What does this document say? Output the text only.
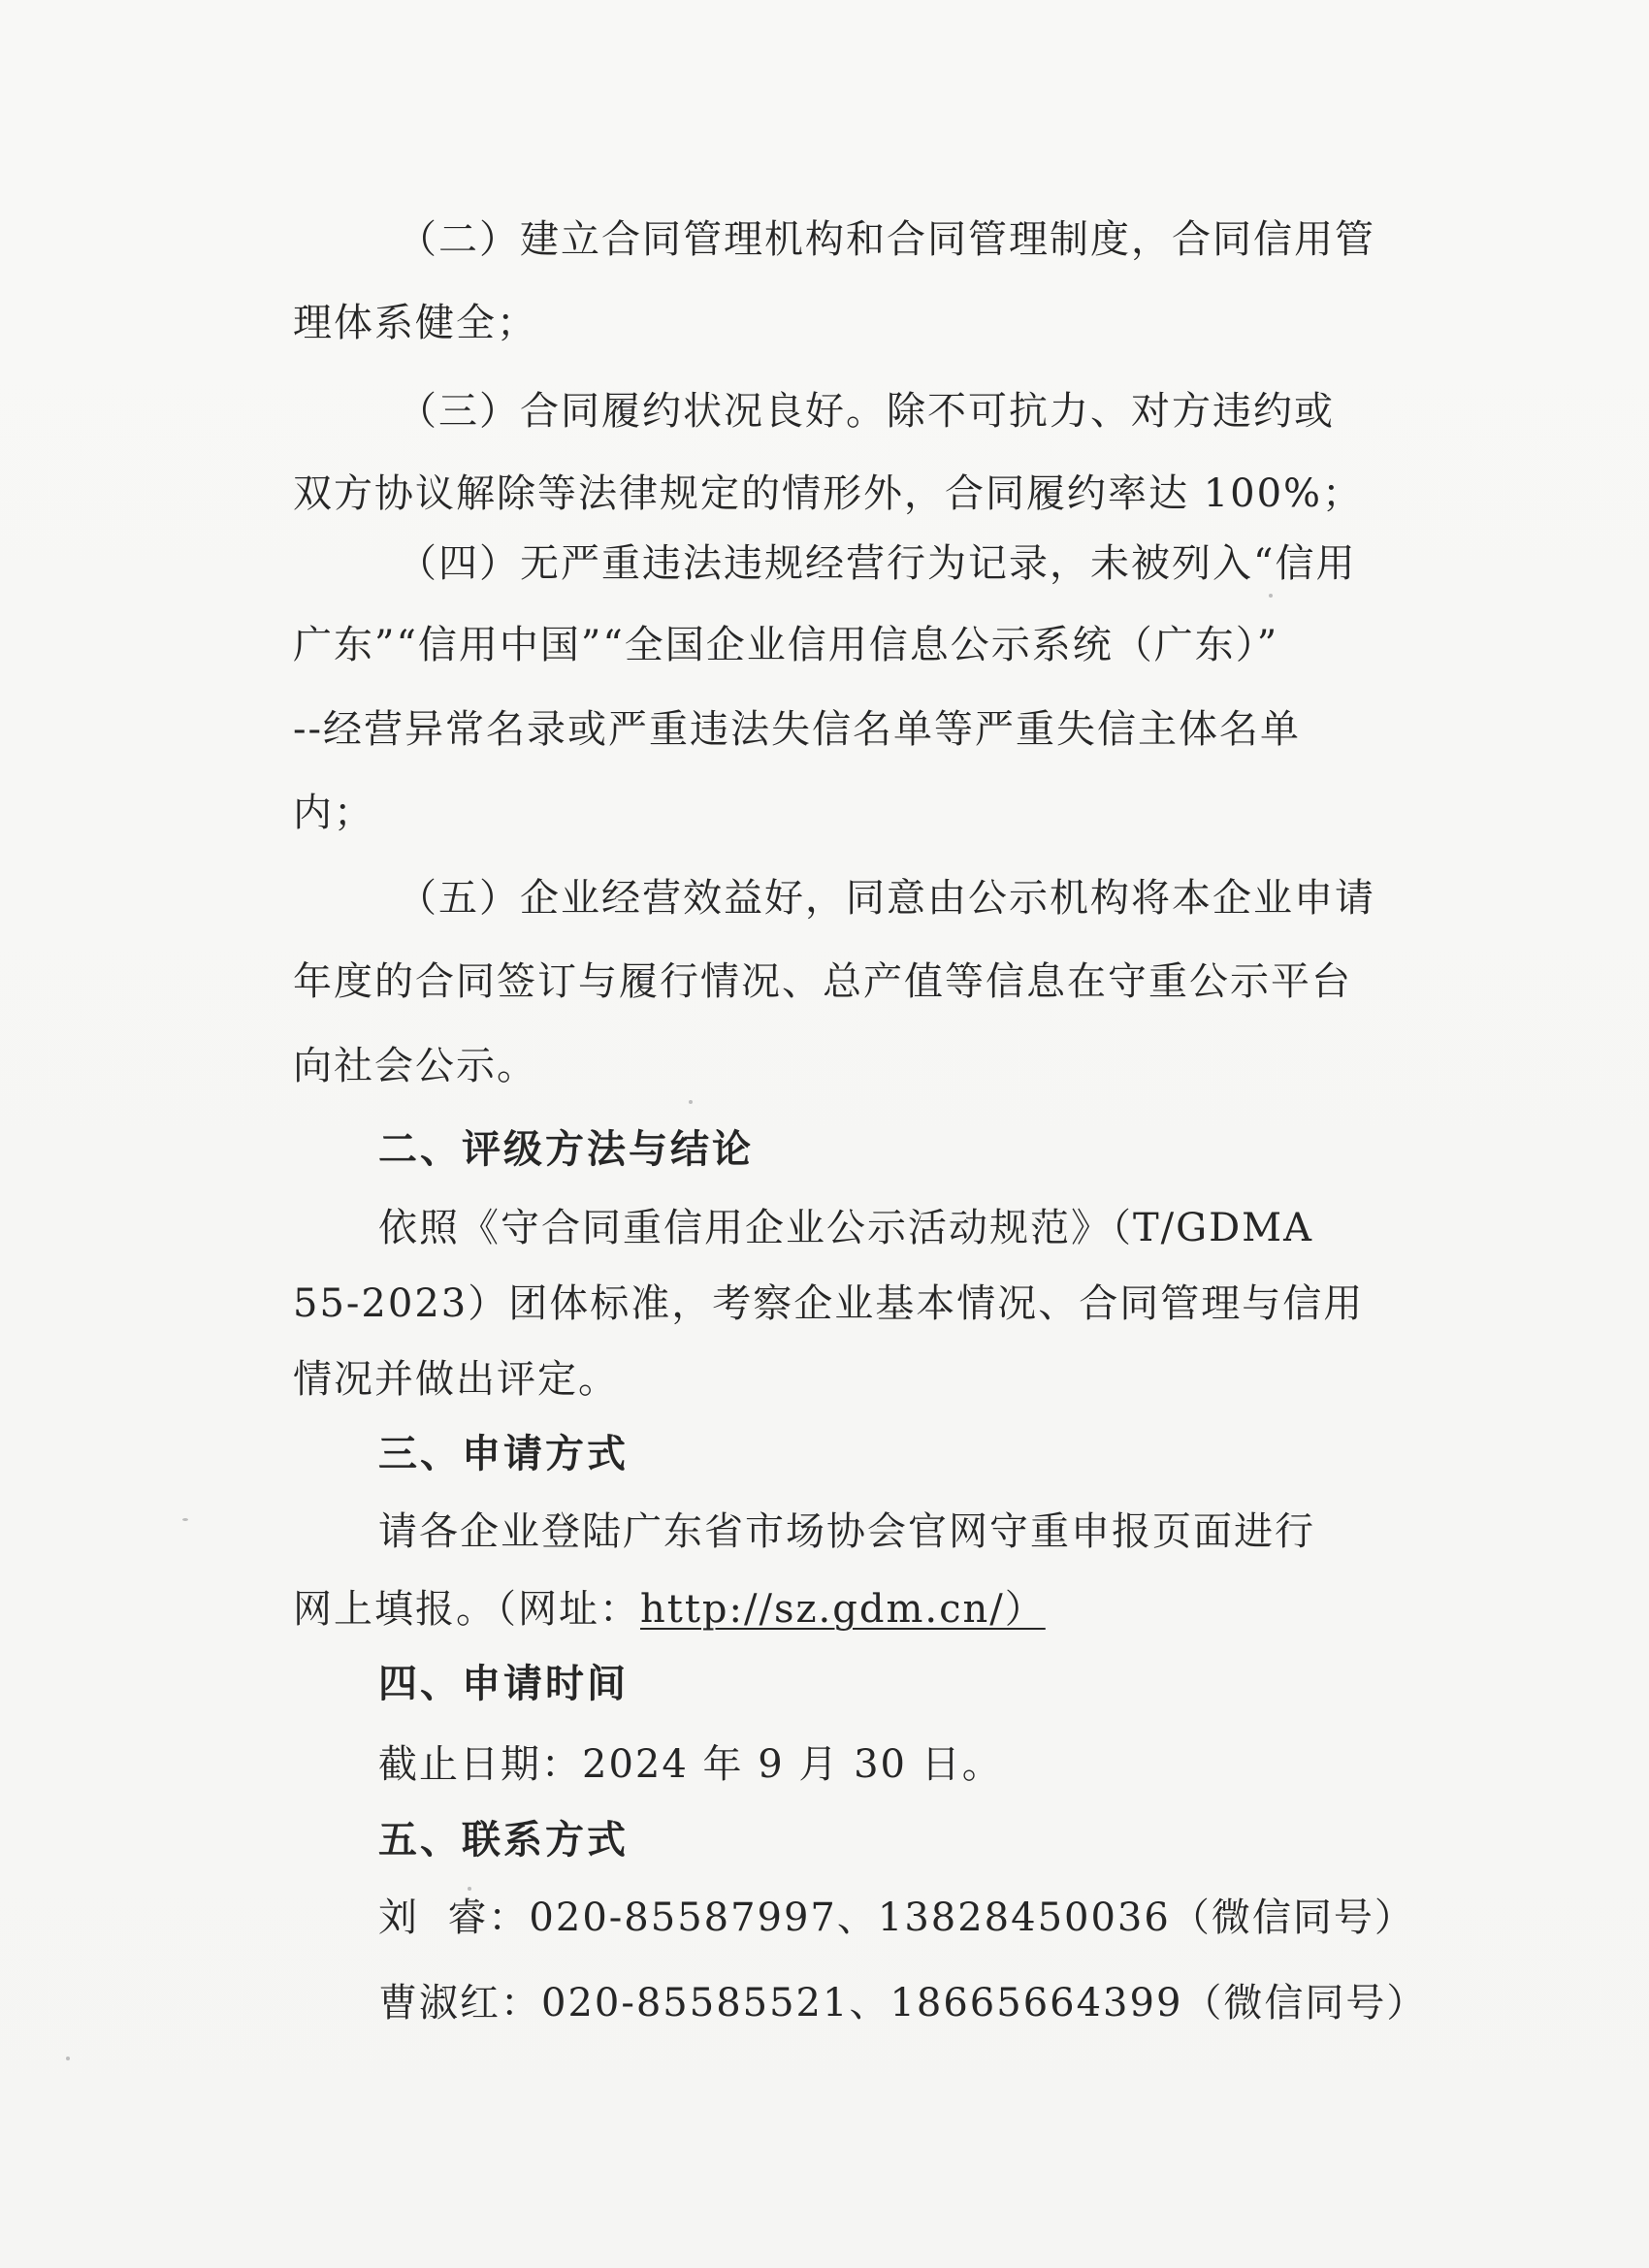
（二）建立合同管理机构和合同管理制度，合同信用管
理体系健全；
（三）合同履约状况良好。除不可抗力、对方违约或
双方协议解除等法律规定的情形外，合同履约率达 100%；
（四）无严重违法违规经营行为记录，未被列入“信用
广东”“信用中国”“全国企业信用信息公示系统（广东）”
--经营异常名录或严重违法失信名单等严重失信主体名单
内；
（五）企业经营效益好，同意由公示机构将本企业申请
年度的合同签订与履行情况、总产值等信息在守重公示平台
向社会公示。
二、评级方法与结论
依照《守合同重信用企业公示活动规范》（T/GDMA
55-2023）团体标准，考察企业基本情况、合同管理与信用
情况并做出评定。
三、申请方式
请各企业登陆广东省市场协会官网守重申报页面进行
网上填报。（网址：http://sz.gdm.cn/）
四、申请时间
截止日期：2024 年 9 月 30 日。
五、联系方式
刘  睿：020-85587997、13828450036（微信同号）
曹淑红：020-85585521、18665664399（微信同号）
